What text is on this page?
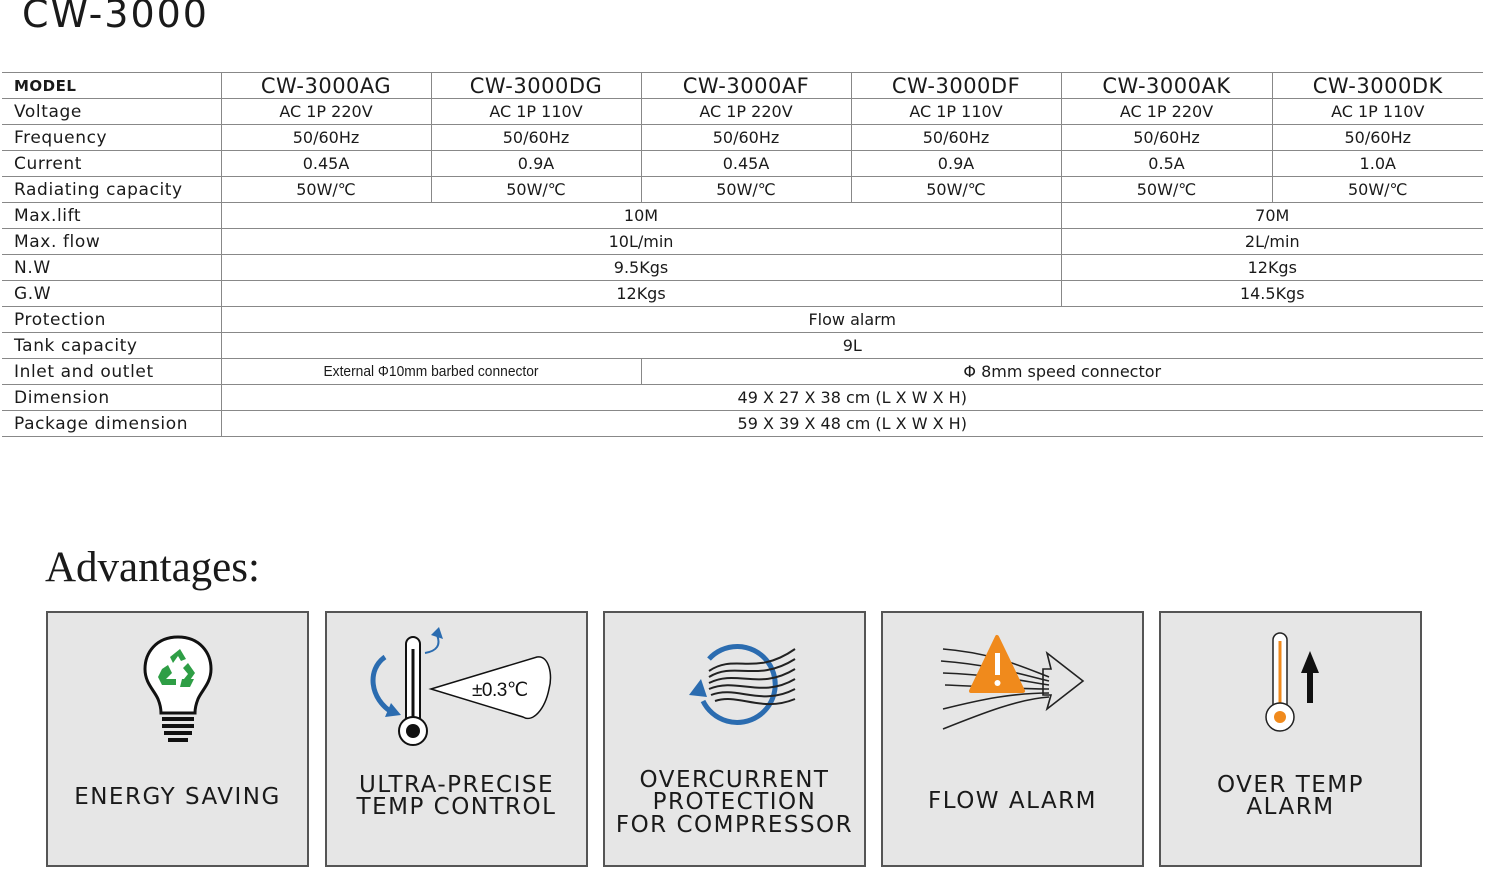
CW-3000
MODEL	CW-3000AG	CW-3000DG	CW-3000AF	CW-3000DF	CW-3000AK	CW-3000DK
Voltage	AC 1P 220V	AC 1P 110V	AC 1P 220V	AC 1P 110V	AC 1P 220V	AC 1P 110V
Frequency	50/60Hz	50/60Hz	50/60Hz	50/60Hz	50/60Hz	50/60Hz
Current	0.45A	0.9A	0.45A	0.9A	0.5A	1.0A
Radiating capacity	50W/℃	50W/℃	50W/℃	50W/℃	50W/℃	50W/℃
Max.lift	10M				70M	
Max. flow	10L/min				2L/min	
N.W	9.5Kgs				12Kgs	
G.W	12Kgs				14.5Kgs	
Protection	Flow alarm					
Tank capacity	9L					
Inlet and outlet	External Φ10mm barbed connector		Φ 8mm speed connector			
Dimension	49 X 27 X 38 cm (L X W X H)					
Package dimension	59 X 39 X 48 cm (L X W X H)					
Advantages:
ENERGY SAVING
±0.3℃
ULTRA-PRECISE
TEMP CONTROL
OVERCURRENT
PROTECTION
FOR COMPRESSOR
FLOW ALARM
OVER TEMP
ALARM
